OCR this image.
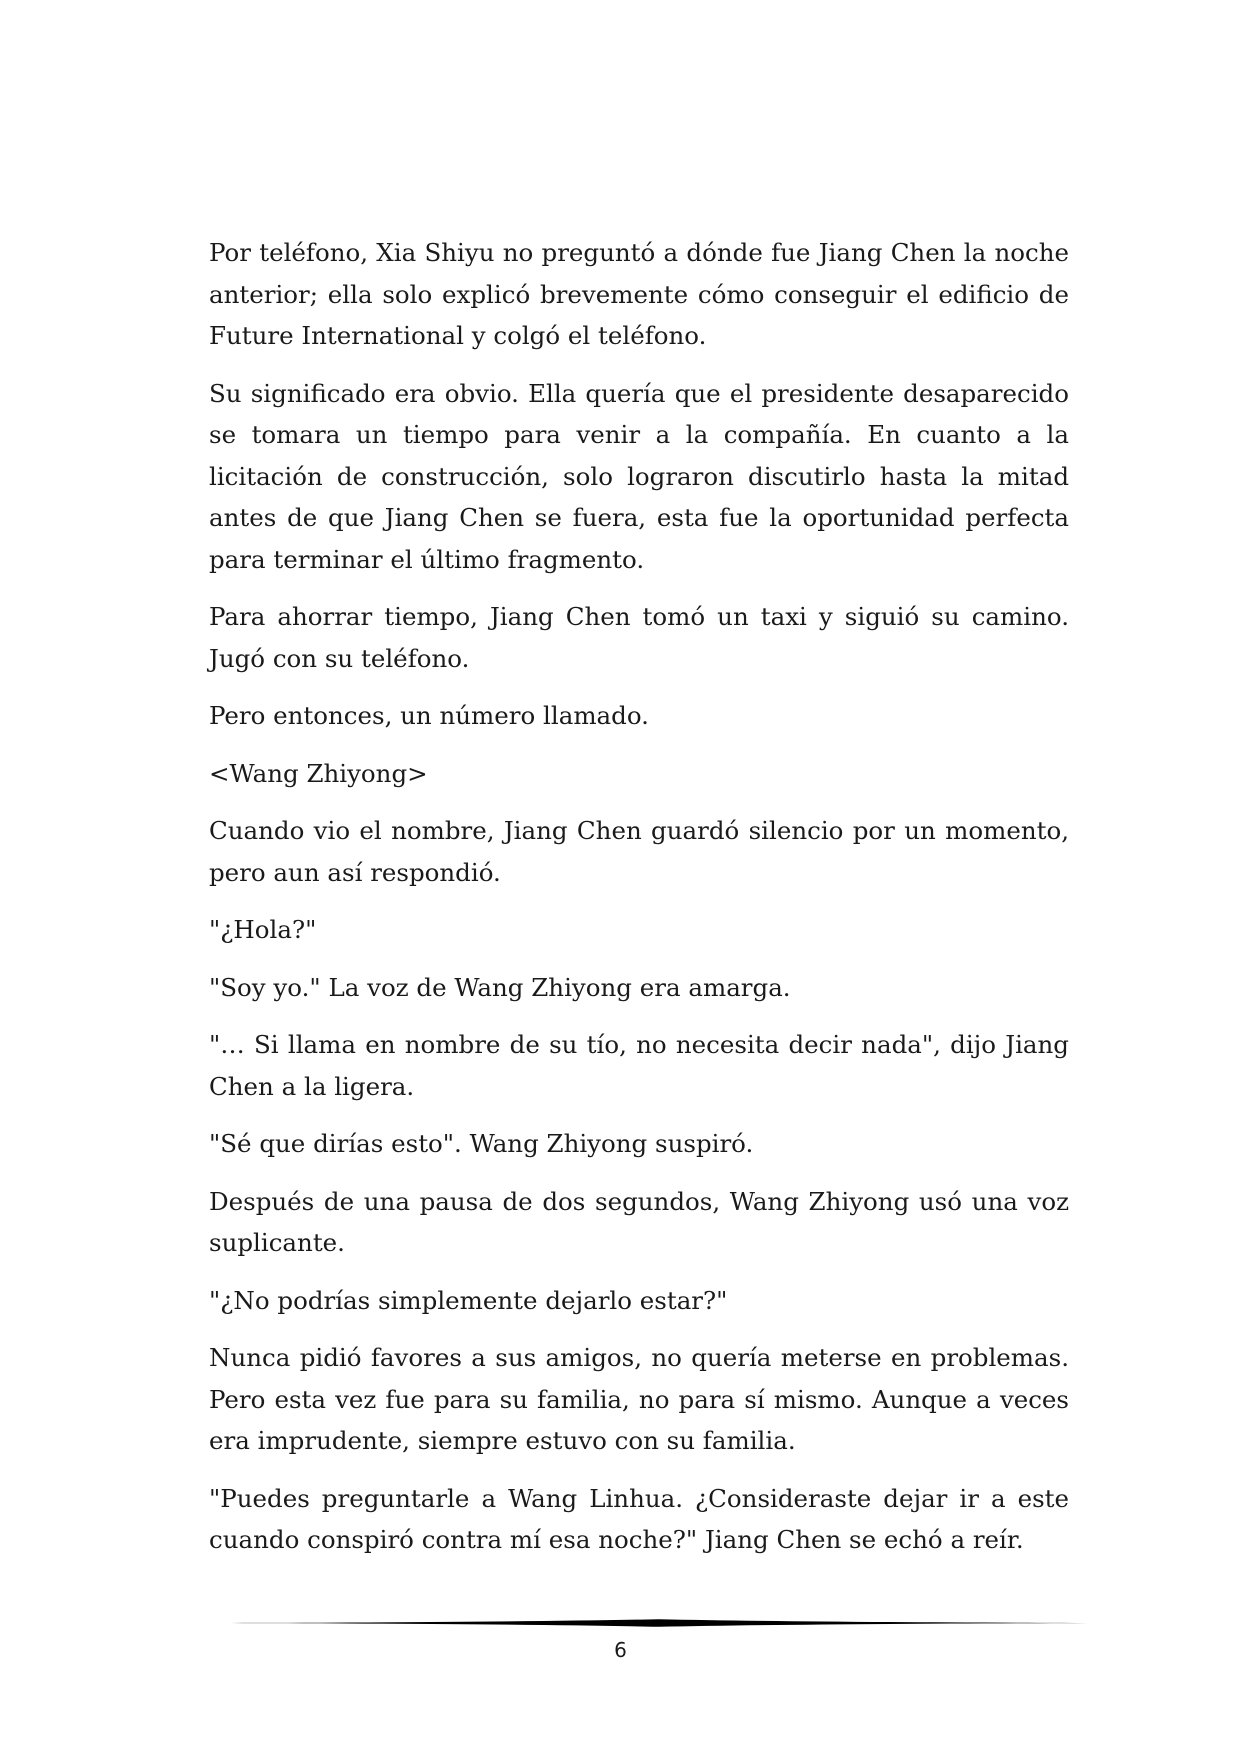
Por teléfono, Xia Shiyu no preguntó a dónde fue Jiang Chen la noche anterior; ella solo explicó brevemente cómo conseguir el edificio de Future International y colgó el teléfono.

Su significado era obvio. Ella quería que el presidente desaparecido se tomara un tiempo para venir a la compañía. En cuanto a la licitación de construcción, solo lograron discutirlo hasta la mitad antes de que Jiang Chen se fuera, esta fue la oportunidad perfecta para terminar el último fragmento.

Para ahorrar tiempo, Jiang Chen tomó un taxi y siguió su camino. Jugó con su teléfono.

Pero entonces, un número llamado.

<Wang Zhiyong>

Cuando vio el nombre, Jiang Chen guardó silencio por un momento, pero aun así respondió.

"¿Hola?"

"Soy yo." La voz de Wang Zhiyong era amarga.

"… Si llama en nombre de su tío, no necesita decir nada", dijo Jiang Chen a la ligera.

"Sé que dirías esto". Wang Zhiyong suspiró.

Después de una pausa de dos segundos, Wang Zhiyong usó una voz suplicante.

"¿No podrías simplemente dejarlo estar?"

Nunca pidió favores a sus amigos, no quería meterse en problemas. Pero esta vez fue para su familia, no para sí mismo. Aunque a veces era imprudente, siempre estuvo con su familia.

"Puedes preguntarle a Wang Linhua. ¿Consideraste dejar ir a este cuando conspiró contra mí esa noche?" Jiang Chen se echó a reír.

6
